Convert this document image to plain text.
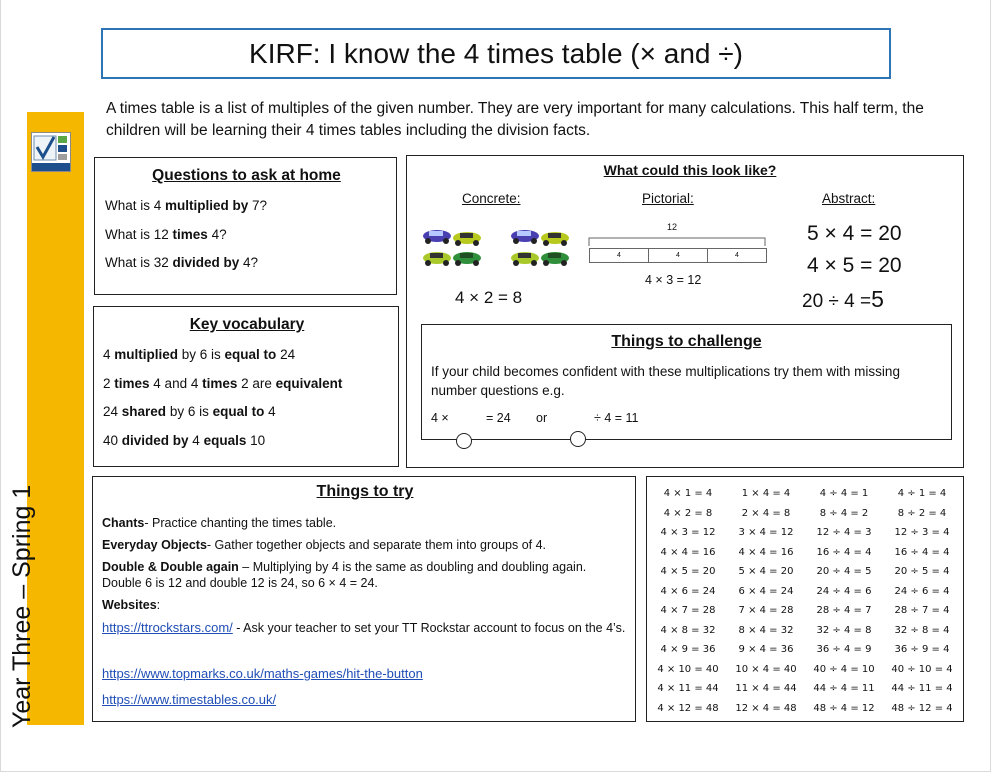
KIRF: I know the 4 times table (× and ÷)
A times table is a list of multiples of the given number. They are very important for many calculations. This half term, the children will be learning their 4 times tables including the division facts.
Year Three – Spring 1
Questions to ask at home
What is 4 multiplied by 7?
What is 12 times 4?
What is 32 divided by 4?
What could this look like?
Concrete:	Pictorial:	Abstract:
4 × 2 = 8
12
4	4	4
4 × 3 = 12
5 × 4 = 20
4 × 5 = 20
20 ÷ 4 =5
Things to challenge
If your child becomes confident with these multiplications try them with missing number questions e.g.
4 ×	= 24 or	÷ 4 = 11
Key vocabulary
4 multiplied by 6 is equal to 24
2 times 4 and 4 times 2 are equivalent
24 shared by 6 is equal to 4
40 divided by 4 equals 10
Things to try
Chants- Practice chanting the times table.
Everyday Objects- Gather together objects and separate them into groups of 4.
Double & Double again – Multiplying by 4 is the same as doubling and doubling again. Double 6 is 12 and double 12 is 24, so 6 × 4 = 24.
Websites:
https://ttrockstars.com/ - Ask your teacher to set your TT Rockstar account to focus on the 4’s.
https://www.topmarks.co.uk/maths-games/hit-the-button
https://www.timestables.co.uk/
4 × 1 = 4	1 × 4 = 4	4 ÷ 4 = 1	4 ÷ 1 = 4
4 × 2 = 8	2 × 4 = 8	8 ÷ 4 = 2	8 ÷ 2 = 4
4 × 3 = 12	3 × 4 = 12	12 ÷ 4 = 3	12 ÷ 3 = 4
4 × 4 = 16	4 × 4 = 16	16 ÷ 4 = 4	16 ÷ 4 = 4
4 × 5 = 20	5 × 4 = 20	20 ÷ 4 = 5	20 ÷ 5 = 4
4 × 6 = 24	6 × 4 = 24	24 ÷ 4 = 6	24 ÷ 6 = 4
4 × 7 = 28	7 × 4 = 28	28 ÷ 4 = 7	28 ÷ 7 = 4
4 × 8 = 32	8 × 4 = 32	32 ÷ 4 = 8	32 ÷ 8 = 4
4 × 9 = 36	9 × 4 = 36	36 ÷ 4 = 9	36 ÷ 9 = 4
4 × 10 = 40	10 × 4 = 40	40 ÷ 4 = 10	40 ÷ 10 = 4
4 × 11 = 44	11 × 4 = 44	44 ÷ 4 = 11	44 ÷ 11 = 4
4 × 12 = 48	12 × 4 = 48	48 ÷ 4 = 12	48 ÷ 12 = 4
